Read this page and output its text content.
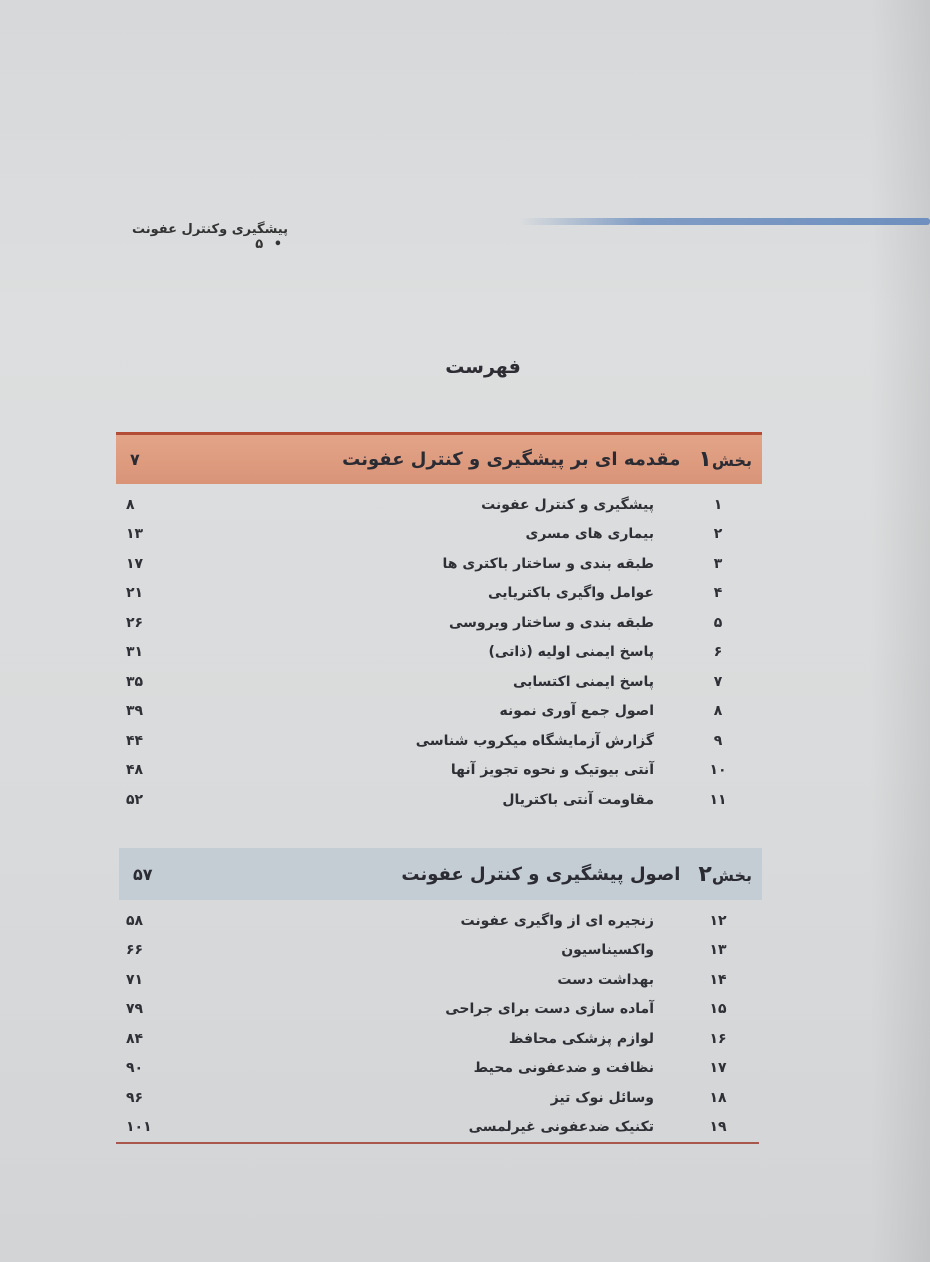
پیشگیری وکنترل عفونت • ۵
فهرست
بخش۱
مقدمه ای بر پیشگیری و کنترل عفونت
۷
۱
پیشگیری و کنترل عفونت
۸
۲
بیماری های مسری
۱۳
۳
طبقه بندی و ساختار باکتری ها
۱۷
۴
عوامل واگیری باکتریایی
۲۱
۵
طبقه بندی و ساختار ویروسی
۲۶
۶
پاسخ ایمنی اولیه (ذاتی)
۳۱
۷
پاسخ ایمنی اکتسابی
۳۵
۸
اصول جمع آوری نمونه
۳۹
۹
گزارش آزمایشگاه میکروب شناسی
۴۴
۱۰
آنتی بیوتیک و نحوه تجویز آنها
۴۸
۱۱
مقاومت آنتی باکتریال
۵۲
بخش۲
اصول پیشگیری و کنترل عفونت
۵۷
۱۲
زنجیره ای از واگیری عفونت
۵۸
۱۳
واکسیناسیون
۶۶
۱۴
بهداشت دست
۷۱
۱۵
آماده سازی دست برای جراحی
۷۹
۱۶
لوازم پزشکی محافظ
۸۴
۱۷
نظافت و ضدعفونی محیط
۹۰
۱۸
وسائل نوک تیز
۹۶
۱۹
تکنیک ضدعفونی غیرلمسی
۱۰۱
